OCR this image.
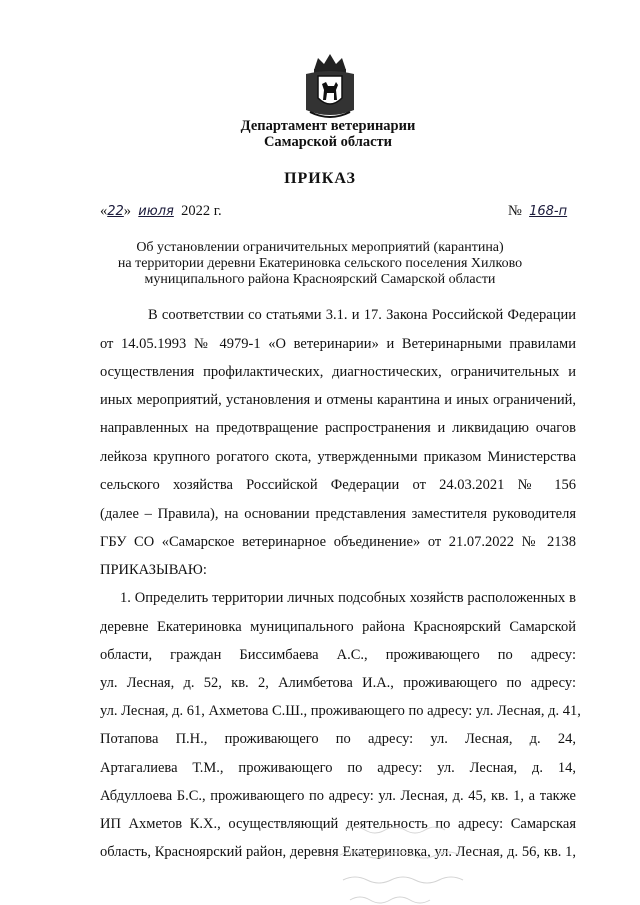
Департамент ветеринарии
Самарской области
ПРИКАЗ
«22» июля 2022 г.	№ 168-п
Об установлении ограничительных мероприятий (карантина)
на территории деревни Екатериновка сельского поселения Хилково
муниципального района Красноярский Самарской области
В соответствии со статьями 3.1. и 17. Закона Российской Федерации
от 14.05.1993 № 4979-1 «О ветеринарии» и Ветеринарными правилами
осуществления профилактических, диагностических, ограничительных и
иных мероприятий, установления и отмены карантина и иных ограничений,
направленных на предотвращение распространения и ликвидацию очагов
лейкоза крупного рогатого скота, утвержденными приказом Министерства
сельского хозяйства Российской Федерации от 24.03.2021 № 156
(далее – Правила), на основании представления заместителя руководителя
ГБУ СО «Самарское ветеринарное объединение» от 21.07.2022 № 2138
ПРИКАЗЫВАЮ:
1. Определить территории личных подсобных хозяйств расположенных в
деревне Екатериновка муниципального района Красноярский Самарской
области, граждан Биссимбаева А.С., проживающего по адресу:
ул. Лесная, д. 52, кв. 2, Алимбетова И.А., проживающего по адресу:
ул. Лесная, д. 61, Ахметова С.Ш., проживающего по адресу: ул. Лесная, д. 41,
Потапова П.Н., проживающего по адресу: ул. Лесная, д. 24,
Артагалиева Т.М., проживающего по адресу: ул. Лесная, д. 14,
Абдуллоева Б.С., проживающего по адресу: ул. Лесная, д. 45, кв. 1, а также
ИП Ахметов К.Х., осуществляющий деятельность по адресу: Самарская
область, Красноярский район, деревня Екатериновка, ул. Лесная, д. 56, кв. 1,
